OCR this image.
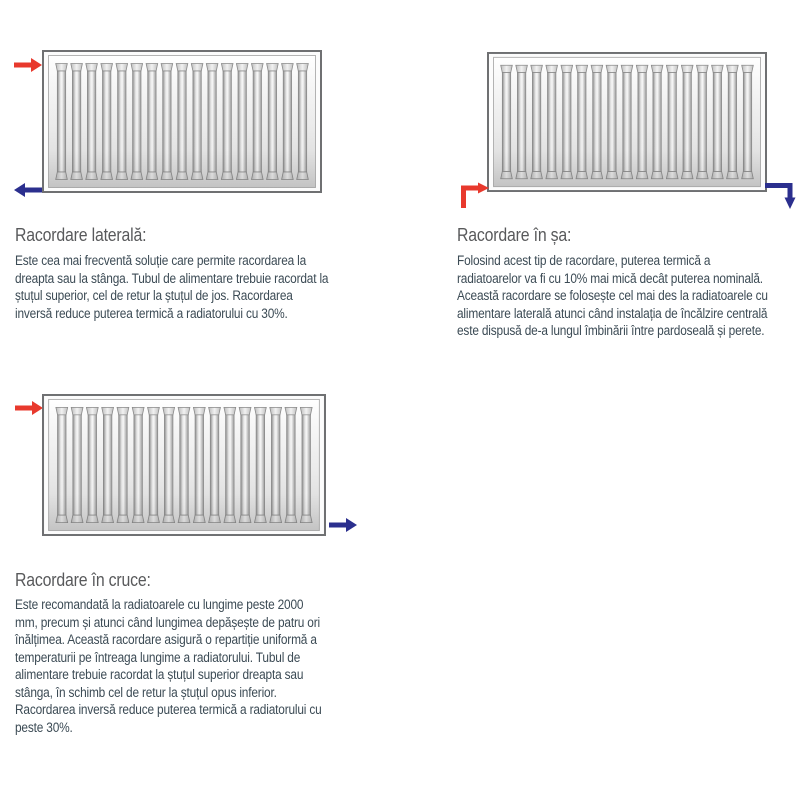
Racordare laterală:
Este cea mai frecventă soluție care permite racordarea la
dreapta sau la stânga. Tubul de alimentare trebuie racordat la
ștuțul superior, cel de retur la ștuțul de jos. Racordarea
inversă reduce puterea termică a radiatorului cu 30%.
Racordare în șa:
Folosind acest tip de racordare, puterea termică a
radiatoarelor va fi cu 10% mai mică decât puterea nominală.
Această racordare se folosește cel mai des la radiatoarele cu
alimentare laterală atunci când instalația de încălzire centrală
este dispusă de-a lungul îmbinării între pardoseală și perete.
Racordare în cruce:
Este recomandată la radiatoarele cu lungime peste 2000
mm, precum și atunci când lungimea depășește de patru ori
înălțimea. Această racordare asigură o repartiție uniformă a
temperaturii pe întreaga lungime a radiatorului. Tubul de
alimentare trebuie racordat la ștuțul superior dreapta sau
stânga, în schimb cel de retur la ștuțul opus inferior.
Racordarea inversă reduce puterea termică a radiatorului cu
peste 30%.
